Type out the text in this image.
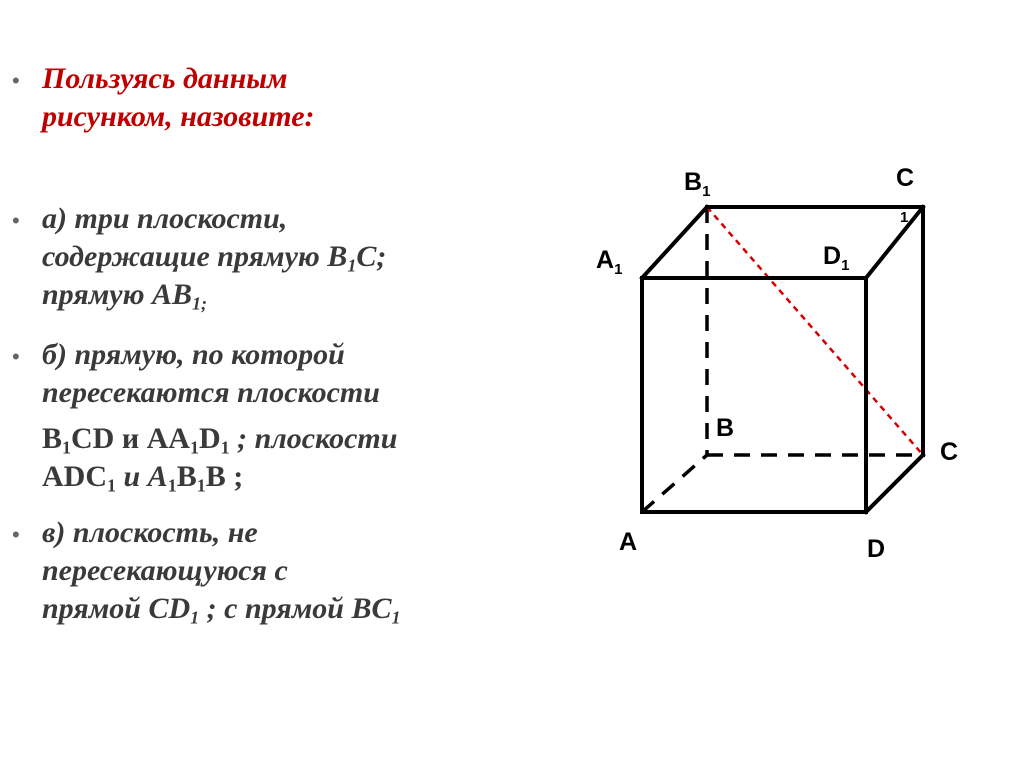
• Пользуясь данным
рисунком, назовите:

• а) три плоскости,
содержащие прямую $В_1С$;
прямую $АВ_{1;}$

• б) прямую, по которой
пересекаются плоскости
$В_1CD$ и $АА_1D_1$ ; плоскости
$ADC_1$ и $A_1B_1B$ ;

• в) плоскость, не
пересекающуюся с
прямой $CD_1$ ; с прямой $BC_1$

$B_1$	C
1
$A_1$	$D_1$
B
C
A	D
